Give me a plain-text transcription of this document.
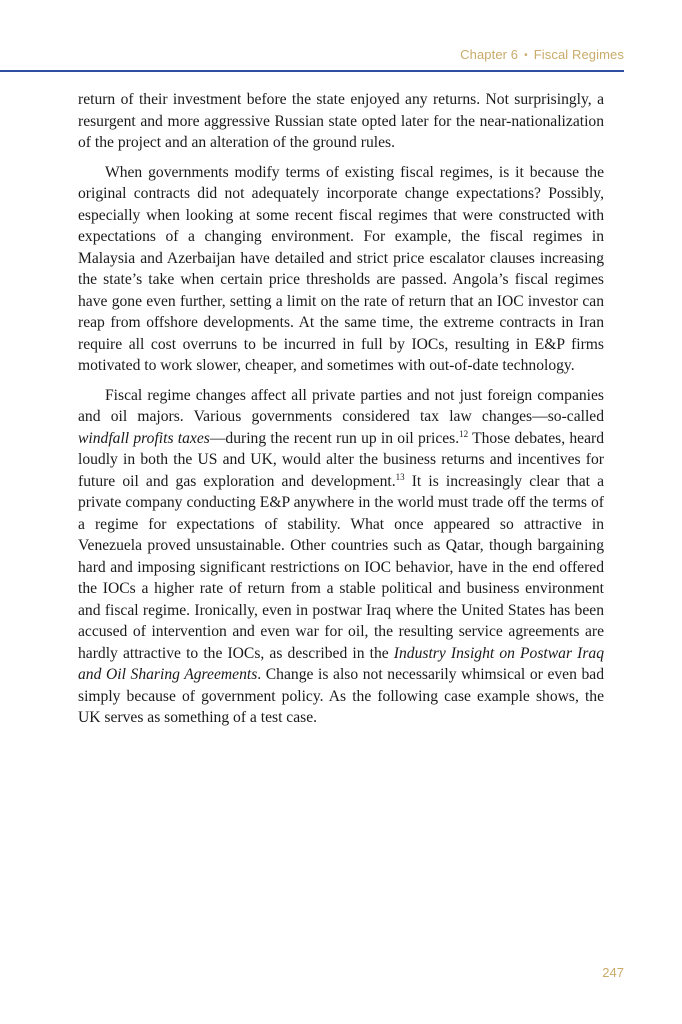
Chapter 6 • Fiscal Regimes

return of their investment before the state enjoyed any returns. Not surprisingly, a resurgent and more aggressive Russian state opted later for the near-nationalization of the project and an alteration of the ground rules.

When governments modify terms of existing fiscal regimes, is it because the original contracts did not adequately incorporate change expectations? Possibly, especially when looking at some recent fiscal regimes that were constructed with expectations of a changing environment. For example, the fiscal regimes in Malaysia and Azerbaijan have detailed and strict price escalator clauses increasing the state’s take when certain price thresholds are passed. Angola’s fiscal regimes have gone even further, setting a limit on the rate of return that an IOC investor can reap from offshore developments. At the same time, the extreme contracts in Iran require all cost overruns to be incurred in full by IOCs, resulting in E&P firms motivated to work slower, cheaper, and sometimes with out-of-date technology.

Fiscal regime changes affect all private parties and not just foreign companies and oil majors. Various governments considered tax law changes—so-called windfall profits taxes—during the recent run up in oil prices.$^{12}$ Those debates, heard loudly in both the US and UK, would alter the business returns and incentives for future oil and gas exploration and development.$^{13}$ It is increasingly clear that a private company conducting E&P anywhere in the world must trade off the terms of a regime for expectations of stability. What once appeared so attractive in Venezuela proved unsustainable. Other countries such as Qatar, though bargaining hard and imposing significant restrictions on IOC behavior, have in the end offered the IOCs a higher rate of return from a stable political and business environment and fiscal regime. Ironically, even in postwar Iraq where the United States has been accused of intervention and even war for oil, the resulting service agreements are hardly attractive to the IOCs, as described in the Industry Insight on Postwar Iraq and Oil Sharing Agreements. Change is also not necessarily whimsical or even bad simply because of government policy. As the following case example shows, the UK serves as something of a test case.

247
